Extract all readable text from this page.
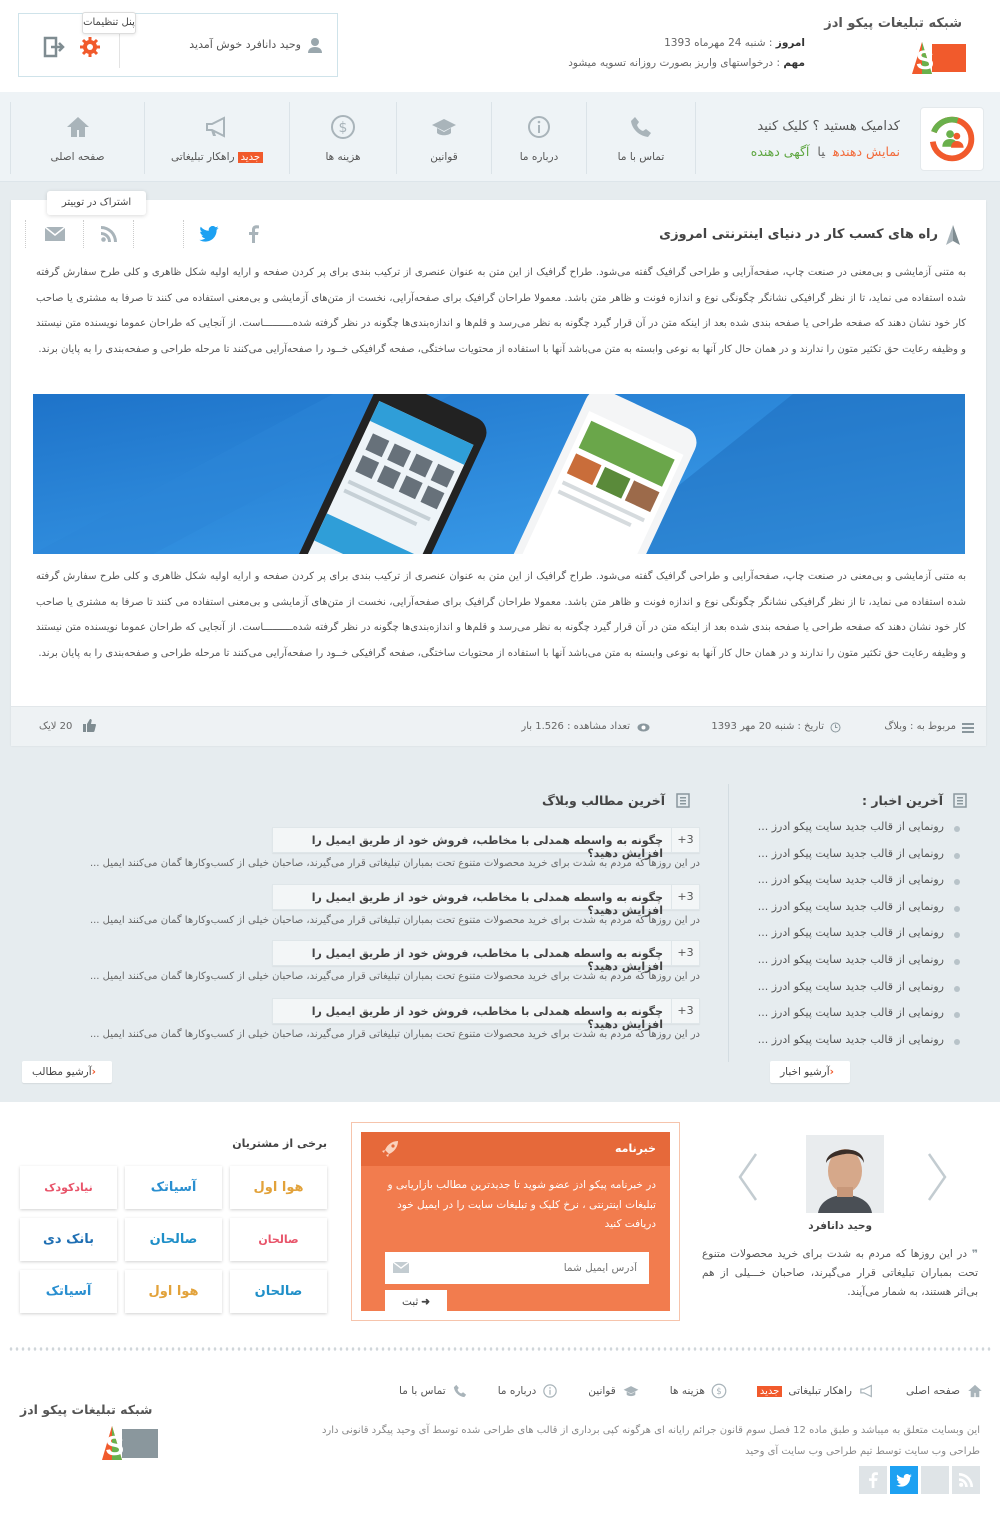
شبکه تبلیغات پیکو ادز
DS
امروز : شنبه 24 مهرماه 1393
مهم : درخواستهای واریز بصورت روزانه تسویه میشود
وحید دانافرد خوش آمدید
پنل تنظیمات
کدامیک هستید ؟ کلیک کنید
نمایش دهندهیاآگهی دهنده
صفحه اصلی	جدیدراهکار تبلیغاتی
$
هزینه ها	قوانین	درباره ما	تماس با ما
اشتراک در توییتر
راه های کسب کار در دنیای اینترنتی امروزی
به متنی آزمایشی و بی‌معنی در صنعت چاپ، صفحه‌آرایی و طراحی گرافیک گفته می‌شود. طراح گرافیک از این متن به عنوان عنصری از ترکیب بندی برای پر کردن صفحه و ارایه اولیه شکل ظاهری و کلی طرح سفارش گرفته شده استفاده می نماید، تا از نظر گرافیکی نشانگر چگونگی نوع و اندازه فونت و ظاهر متن باشد. معمولا طراحان گرافیک برای صفحه‌آرایی، نخست از متن‌های آزمایشی و بی‌معنی استفاده می کنند تا صرفا به مشتری یا صاحب کار خود نشان دهند که صفحه طراحی یا صفحه بندی شده بعد از اینکه متن در آن قرار گیرد چگونه به نظر می‌رسد و قلم‌ها و اندازه‌بندی‌ها چگونه در نظر گرفته شده‌ــــــــــاست. از آنجایی که طراحان عموما نویسنده متن نیستند و وظیفه رعایت حق تکثیر متون را ندارند و در همان حال کار آنها به نوعی وابسته به متن می‌باشد آنها با استفاده از محتویات ساختگی، صفحه گرافیکی خــود را صفحه‌آرایی می‌کنند تا مرحله طراحی و صفحه‌بندی را به پایان برند.
به متنی آزمایشی و بی‌معنی در صنعت چاپ، صفحه‌آرایی و طراحی گرافیک گفته می‌شود. طراح گرافیک از این متن به عنوان عنصری از ترکیب بندی برای پر کردن صفحه و ارایه اولیه شکل ظاهری و کلی طرح سفارش گرفته شده استفاده می نماید، تا از نظر گرافیکی نشانگر چگونگی نوع و اندازه فونت و ظاهر متن باشد. معمولا طراحان گرافیک برای صفحه‌آرایی، نخست از متن‌های آزمایشی و بی‌معنی استفاده می کنند تا صرفا به مشتری یا صاحب کار خود نشان دهند که صفحه طراحی یا صفحه بندی شده بعد از اینکه متن در آن قرار گیرد چگونه به نظر می‌رسد و قلم‌ها و اندازه‌بندی‌ها چگونه در نظر گرفته شده‌ــــــــــاست. از آنجایی که طراحان عموما نویسنده متن نیستند و وظیفه رعایت حق تکثیر متون را ندارند و در همان حال کار آنها به نوعی وابسته به متن می‌باشد آنها با استفاده از محتویات ساختگی، صفحه گرافیکی خــود را صفحه‌آرایی می‌کنند تا مرحله طراحی و صفحه‌بندی را به پایان برند.
مربوط به : وبلاگ
تاریخ : شنبه 20 مهر 1393
تعداد مشاهده : 1.526 بار
20 لایک
آخرین اخبار :
رونمایی از قالب جدید سایت پیکو ادرز ...
رونمایی از قالب جدید سایت پیکو ادرز ...
رونمایی از قالب جدید سایت پیکو ادرز ...
رونمایی از قالب جدید سایت پیکو ادرز ...
رونمایی از قالب جدید سایت پیکو ادرز ...
رونمایی از قالب جدید سایت پیکو ادرز ...
رونمایی از قالب جدید سایت پیکو ادرز ...
رونمایی از قالب جدید سایت پیکو ادرز ...
رونمایی از قالب جدید سایت پیکو ادرز ...
‹آرشیو اخبار
آخرین مطالب وبلاگ
+3
چگونه به واسطه همدلی با مخاطب، فروش خود از طریق ایمیل را افزایش دهید؟
در این روزها که مردم به شدت برای خرید محصولات متنوع تحت بمباران تبلیغاتی قرار می‌گیرند، صاحبان خیلی از کسب‌وکارها گمان می‌کنند ایمیل ...
+3
چگونه به واسطه همدلی با مخاطب، فروش خود از طریق ایمیل را افزایش دهید؟
در این روزها که مردم به شدت برای خرید محصولات متنوع تحت بمباران تبلیغاتی قرار می‌گیرند، صاحبان خیلی از کسب‌وکارها گمان می‌کنند ایمیل ...
+3
چگونه به واسطه همدلی با مخاطب، فروش خود از طریق ایمیل را افزایش دهید؟
در این روزها که مردم به شدت برای خرید محصولات متنوع تحت بمباران تبلیغاتی قرار می‌گیرند، صاحبان خیلی از کسب‌وکارها گمان می‌کنند ایمیل ...
+3
چگونه به واسطه همدلی با مخاطب، فروش خود از طریق ایمیل را افزایش دهید؟
در این روزها که مردم به شدت برای خرید محصولات متنوع تحت بمباران تبلیغاتی قرار می‌گیرند، صاحبان خیلی از کسب‌وکارها گمان می‌کنند ایمیل ...
‹آرشیو مطالب
وحید دانافرد
❞ در این روزها که مردم به شدت برای خرید محصولات متنوع تحت بمباران تبلیغاتی قرار می‌گیرند، صاحبان خـــیلی از هم بی‌اثر هستند، به شمار می‌آیند.
خبرنامه
در خبرنامه پیکو ادز عضو شوید تا جدیدترین مطالب بازاریابی و تبلیغات اینترنتی ، نرخ کلیک و تبلیغات سایت را در ایمیل خود دریافت کنید
آدرس ایمیل شما
➜ ثبت
برخی از مشتریان
نیادکودک	آسیاتک	هوا اول
بانک دی	صالحان	صالحان
آسیاتک	هوا اول	صالحان
صفحه اصلی
راهکار تبلیغاتی
جدید
$
هزینه ها
قوانین
درباره ما
تماس با ما
این وبسایت متعلق به میباشد و طبق ماده 12 فصل سوم قانون جرائم رایانه ای هرگونه کپی برداری از قالب های طراحی شده توسط آی وحید پیگرد قانونی دارد
طراحی وب سایت توسط تیم طراحی وب سایت آی وحید
شبکه تبلیغات پیکو ادز
DS
